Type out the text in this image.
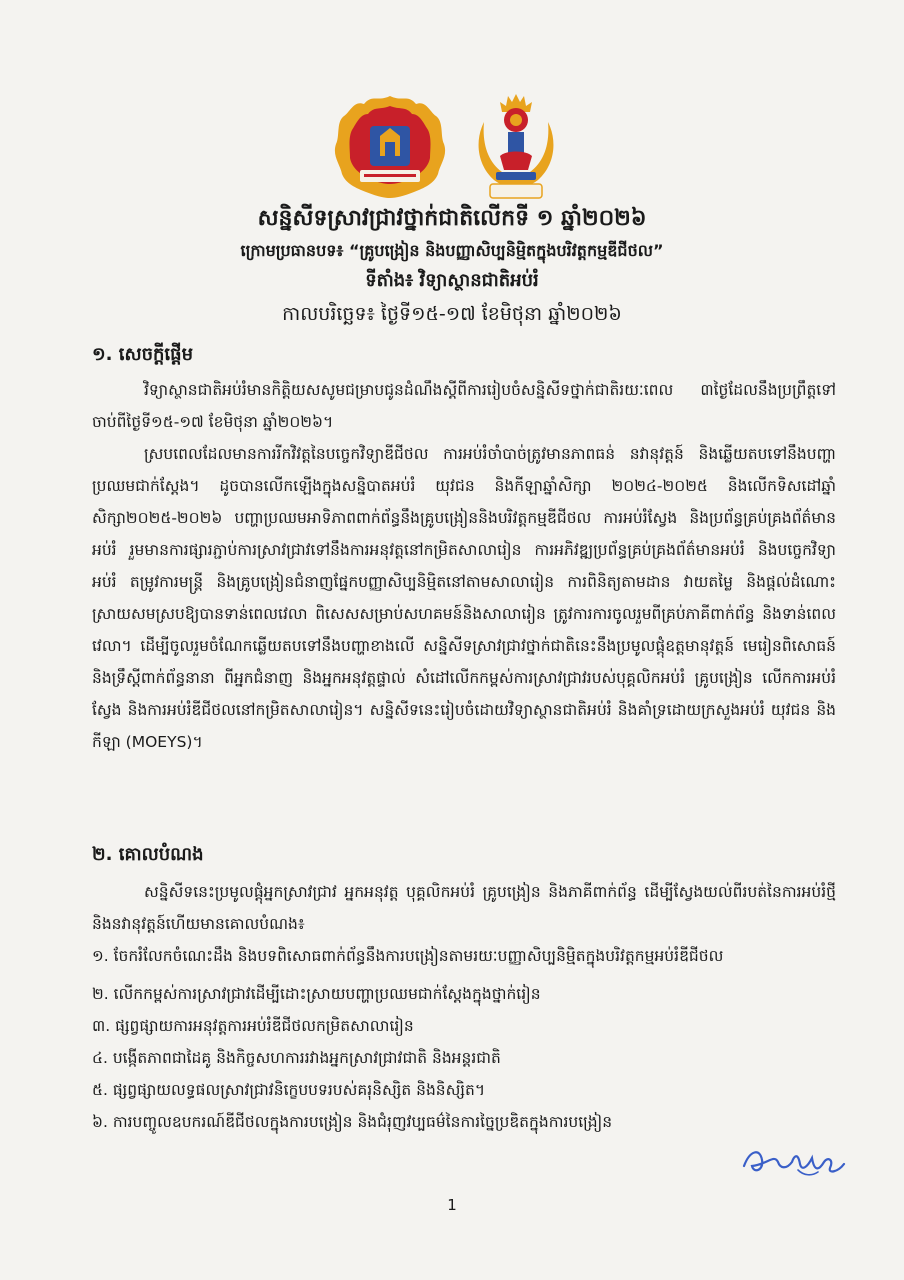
សន្និសីទស្រាវជ្រាវថ្នាក់ជាតិលើកទី ១ ឆ្នាំ២០២៦
ក្រោមប្រធានបទ៖ “គ្រូបង្រៀន និងបញ្ញាសិប្បនិម្មិតក្នុងបរិវត្តកម្មឌីជីថល”
ទីតាំង៖ វិទ្យាស្ថានជាតិអប់រំ
កាលបរិច្ឆេទ៖ ថ្ងៃទី១៥-១៧ ខែមិថុនា ឆ្នាំ២០២៦
១. សេចក្តីផ្តើម

វិទ្យាស្ថានជាតិអប់រំមានកិត្តិយសសូមជម្រាបជូនដំណឹងស្តីពីការរៀបចំសន្និសីទថ្នាក់ជាតិរយៈពេល ៣ថ្ងៃដែលនឹងប្រព្រឹត្តទៅចាប់ពីថ្ងៃទី១៥-១៧ ខែមិថុនា ឆ្នាំ២០២៦។

ស្របពេលដែលមានការរីកវិវត្តនៃបច្ចេកវិទ្យាឌីជីថល ការអប់រំចាំបាច់ត្រូវមានភាពធន់ នវានុវត្តន៍ និងឆ្លើយតបទៅនឹងបញ្ហាប្រឈមជាក់ស្តែង។ ដូចបានលើកឡើងក្នុងសន្និបាតអប់រំ យុវជន និងកីឡាឆ្នាំសិក្សា ២០២៤-២០២៥ និងលើកទិសដៅឆ្នាំសិក្សា២០២៥-២០២៦ បញ្ហាប្រឈមអាទិភាពពាក់ព័ន្ធនឹងគ្រូបង្រៀននិងបរិវត្តកម្មឌីជីថល ការអប់រំស្វែង និងប្រព័ន្ធគ្រប់គ្រងព័ត៌មានអប់រំ រួមមានការផ្សារភ្ជាប់ការស្រាវជ្រាវទៅនឹងការអនុវត្តនៅកម្រិតសាលារៀន ការអភិវឌ្ឍប្រព័ន្ធគ្រប់គ្រងព័ត៌មានអប់រំ និងបច្ចេកវិទ្យាអប់រំ តម្រូវការមន្ត្រី និងគ្រូបង្រៀនជំនាញផ្នែកបញ្ញាសិប្បនិម្មិតនៅតាមសាលារៀន ការពិនិត្យតាមដាន វាយតម្លៃ និងផ្តល់ដំណោះស្រាយសមស្របឱ្យបានទាន់ពេលវេលា ពិសេសសម្រាប់សហគមន៍និងសាលារៀន ត្រូវការការចូលរួមពីគ្រប់ភាគីពាក់ព័ន្ធ និងទាន់ពេលវេលា។ ដើម្បីចូលរួមចំណែកឆ្លើយតបទៅនឹងបញ្ហាខាងលើ សន្និសីទស្រាវជ្រាវថ្នាក់ជាតិនេះនឹងប្រមូលផ្តុំឧត្តមានុវត្តន៍ មេរៀនពិសោធន៍ និងទ្រឹស្តីពាក់ព័ន្ធនានា ពីអ្នកជំនាញ និងអ្នកអនុវត្តផ្ទាល់ សំដៅលើកកម្ពស់ការស្រាវជ្រាវរបស់បុគ្គលិកអប់រំ គ្រូបង្រៀន លើកការអប់រំស្វែង និងការអប់រំឌីជីថលនៅកម្រិតសាលារៀន។ សន្និសីទនេះរៀបចំដោយវិទ្យាស្ថានជាតិអប់រំ និងគាំទ្រដោយក្រសួងអប់រំ យុវជន និងកីឡា (MOEYS)។

២. គោលបំណង

សន្និសីទនេះប្រមូលផ្តុំអ្នកស្រាវជ្រាវ អ្នកអនុវត្ត បុគ្គលិកអប់រំ គ្រូបង្រៀន និងភាគីពាក់ព័ន្ធ ដើម្បីស្វែងយល់ពីរបត់នៃការអប់រំថ្មី និងនវានុវត្តន៍ហើយមានគោលបំណង៖

១. ចែករំលែកចំណេះដឹង និងបទពិសោធពាក់ព័ន្ធនឹងការបង្រៀនតាមរយៈបញ្ញាសិប្បនិម្មិតក្នុងបរិវត្តកម្មអប់រំឌីជីថល
២. លើកកម្ពស់ការស្រាវជ្រាវដើម្បីដោះស្រាយបញ្ហាប្រឈមជាក់ស្តែងក្នុងថ្នាក់រៀន
៣. ផ្សព្វផ្សាយការអនុវត្តការអប់រំឌីជីថលកម្រិតសាលារៀន
៤. បង្កើតភាពជាដៃគូ និងកិច្ចសហការរវាងអ្នកស្រាវជ្រាវជាតិ និងអន្តរជាតិ
៥. ផ្សព្វផ្សាយលទ្ធផលស្រាវជ្រាវនិក្ខេបបទរបស់គរុនិស្សិត និងនិស្សិត។
៦. ការបញ្ចូលឧបករណ៍ឌីជីថលក្នុងការបង្រៀន និងជំរុញវប្បធម៌នៃការច្នៃប្រឌិតក្នុងការបង្រៀន
1
